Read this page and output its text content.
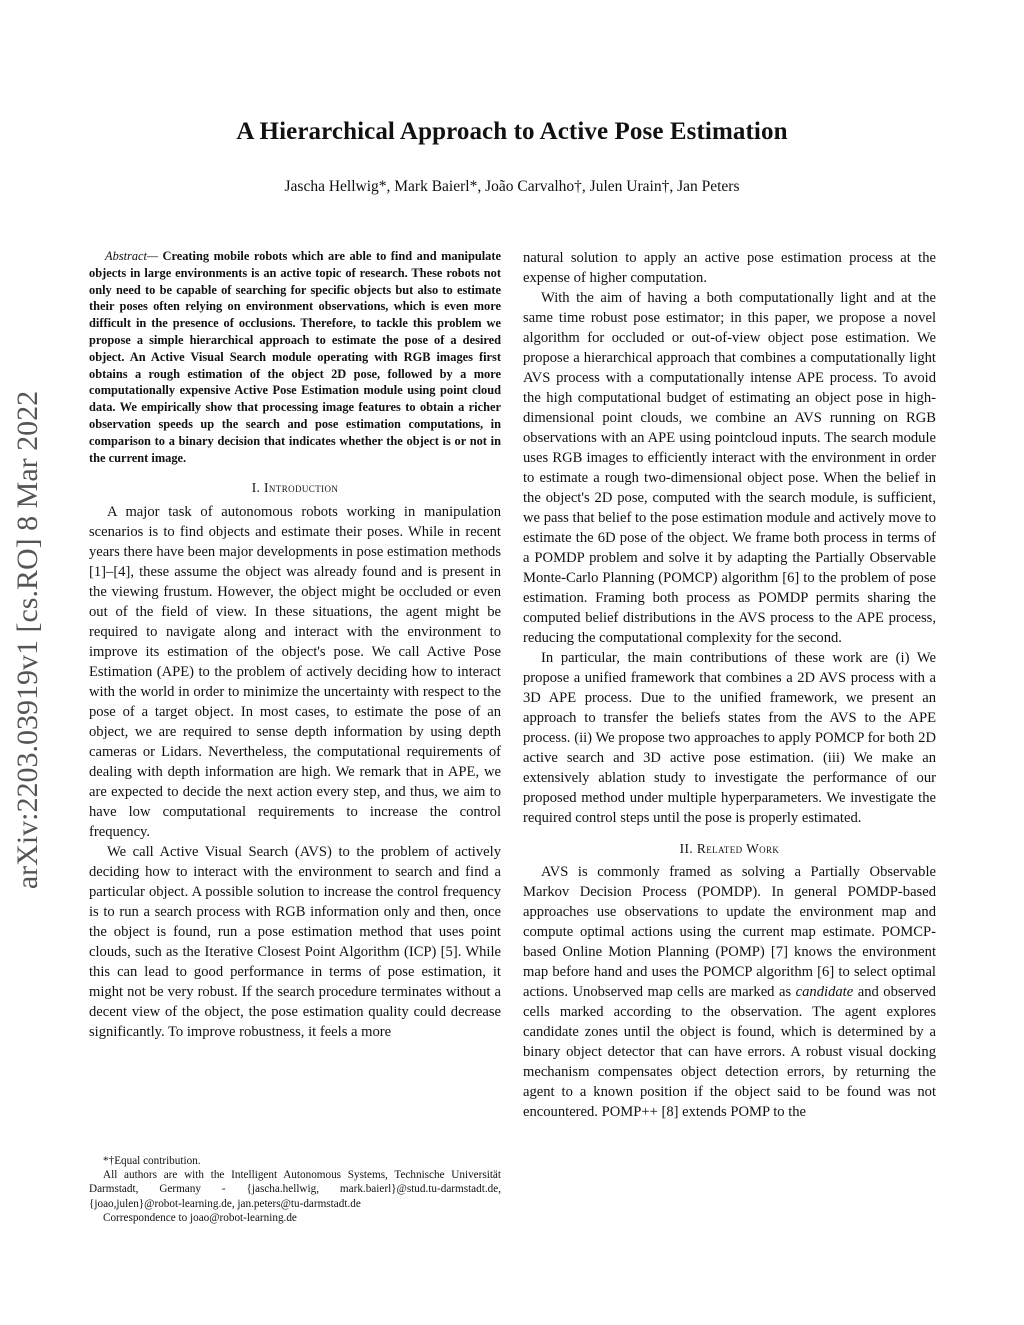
A Hierarchical Approach to Active Pose Estimation
Jascha Hellwig*, Mark Baierl*, João Carvalho†, Julen Urain†, Jan Peters
arXiv:2203.03919v1 [cs.RO] 8 Mar 2022

Abstract— Creating mobile robots which are able to find and manipulate objects in large environments is an active topic of research. These robots not only need to be capable of searching for specific objects but also to estimate their poses often relying on environment observations, which is even more difficult in the presence of occlusions. Therefore, to tackle this problem we propose a simple hierarchical approach to estimate the pose of a desired object. An Active Visual Search module operating with RGB images first obtains a rough estimation of the object 2D pose, followed by a more computationally expensive Active Pose Estimation module using point cloud data. We empirically show that processing image features to obtain a richer observation speeds up the search and pose estimation computations, in comparison to a binary decision that indicates whether the object is or not in the current image.

I. Introduction

A major task of autonomous robots working in manipulation scenarios is to find objects and estimate their poses. While in recent years there have been major developments in pose estimation methods [1]–[4], these assume the object was already found and is present in the viewing frustum. However, the object might be occluded or even out of the field of view. In these situations, the agent might be required to navigate along and interact with the environment to improve its estimation of the object's pose. We call Active Pose Estimation (APE) to the problem of actively deciding how to interact with the world in order to minimize the uncertainty with respect to the pose of a target object. In most cases, to estimate the pose of an object, we are required to sense depth information by using depth cameras or Lidars. Nevertheless, the computational requirements of dealing with depth information are high. We remark that in APE, we are expected to decide the next action every step, and thus, we aim to have low computational requirements to increase the control frequency.

We call Active Visual Search (AVS) to the problem of actively deciding how to interact with the environment to search and find a particular object. A possible solution to increase the control frequency is to run a search process with RGB information only and then, once the object is found, run a pose estimation method that uses point clouds, such as the Iterative Closest Point Algorithm (ICP) [5]. While this can lead to good performance in terms of pose estimation, it might not be very robust. If the search procedure terminates without a decent view of the object, the pose estimation quality could decrease significantly. To improve robustness, it feels a more

*†Equal contribution.

All authors are with the Intelligent Autonomous Systems, Technische Universität Darmstadt, Germany - {jascha.hellwig, mark.baierl}@stud.tu-darmstadt.de, {joao,julen}@robot-learning.de, jan.peters@tu-darmstadt.de

Correspondence to joao@robot-learning.de

natural solution to apply an active pose estimation process at the expense of higher computation.

With the aim of having a both computationally light and at the same time robust pose estimator; in this paper, we propose a novel algorithm for occluded or out-of-view object pose estimation. We propose a hierarchical approach that combines a computationally light AVS process with a computationally intense APE process. To avoid the high computational budget of estimating an object pose in high-dimensional point clouds, we combine an AVS running on RGB observations with an APE using pointcloud inputs. The search module uses RGB images to efficiently interact with the environment in order to estimate a rough two-dimensional object pose. When the belief in the object's 2D pose, computed with the search module, is sufficient, we pass that belief to the pose estimation module and actively move to estimate the 6D pose of the object. We frame both process in terms of a POMDP problem and solve it by adapting the Partially Observable Monte-Carlo Planning (POMCP) algorithm [6] to the problem of pose estimation. Framing both process as POMDP permits sharing the computed belief distributions in the AVS process to the APE process, reducing the computational complexity for the second.

In particular, the main contributions of these work are (i) We propose a unified framework that combines a 2D AVS process with a 3D APE process. Due to the unified framework, we present an approach to transfer the beliefs states from the AVS to the APE process. (ii) We propose two approaches to apply POMCP for both 2D active search and 3D active pose estimation. (iii) We make an extensively ablation study to investigate the performance of our proposed method under multiple hyperparameters. We investigate the required control steps until the pose is properly estimated.

II. Related Work

AVS is commonly framed as solving a Partially Observable Markov Decision Process (POMDP). In general POMDP-based approaches use observations to update the environment map and compute optimal actions using the current map estimate. POMCP-based Online Motion Planning (POMP) [7] knows the environment map before hand and uses the POMCP algorithm [6] to select optimal actions. Unobserved map cells are marked as candidate and observed cells marked according to the observation. The agent explores candidate zones until the object is found, which is determined by a binary object detector that can have errors. A robust visual docking mechanism compensates object detection errors, by returning the agent to a known position if the object said to be found was not encountered. POMP++ [8] extends POMP to the
